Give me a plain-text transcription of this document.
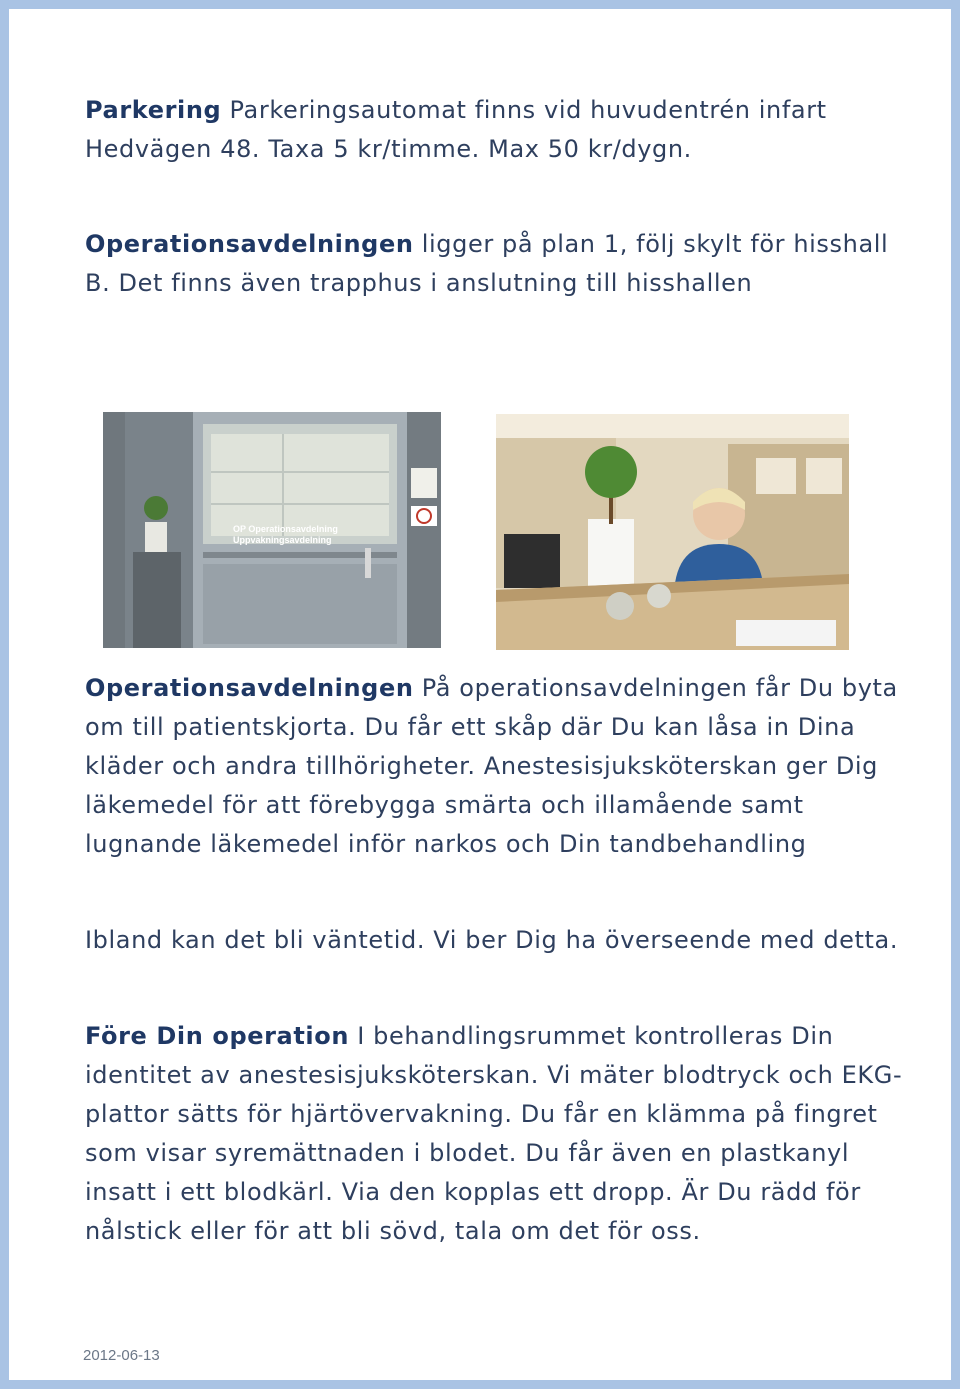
Parkering Parkeringsautomat finns vid huvudentrén infart Hedvägen 48. Taxa 5 kr/timme. Max 50 kr/dygn.

Operationsavdelningen ligger på plan 1, följ skylt för hisshall B. Det finns även trapphus i anslutning till hisshallen

OP Operationsavdelning
Uppvakningsavdelning

Operationsavdelningen På operationsavdelningen får Du byta om till patientskjorta. Du får ett skåp där Du kan låsa in Dina kläder och andra tillhörigheter. Anestesisjuksköterskan ger Dig läkemedel för att förebygga smärta och illamående samt lugnande läkemedel inför narkos och Din tandbehandling

Ibland kan det bli väntetid. Vi ber Dig ha överseende med detta.

Före Din operation I behandlingsrummet kontrolleras Din identitet av anestesisjuksköterskan. Vi mäter blodtryck och EKG-plattor sätts för hjärtövervakning. Du får en klämma på fingret som visar syremättnaden i blodet. Du får även en plastkanyl insatt i ett blodkärl. Via den kopplas ett dropp. Är Du rädd för nålstick eller för att bli sövd, tala om det för oss.

2012-06-13
